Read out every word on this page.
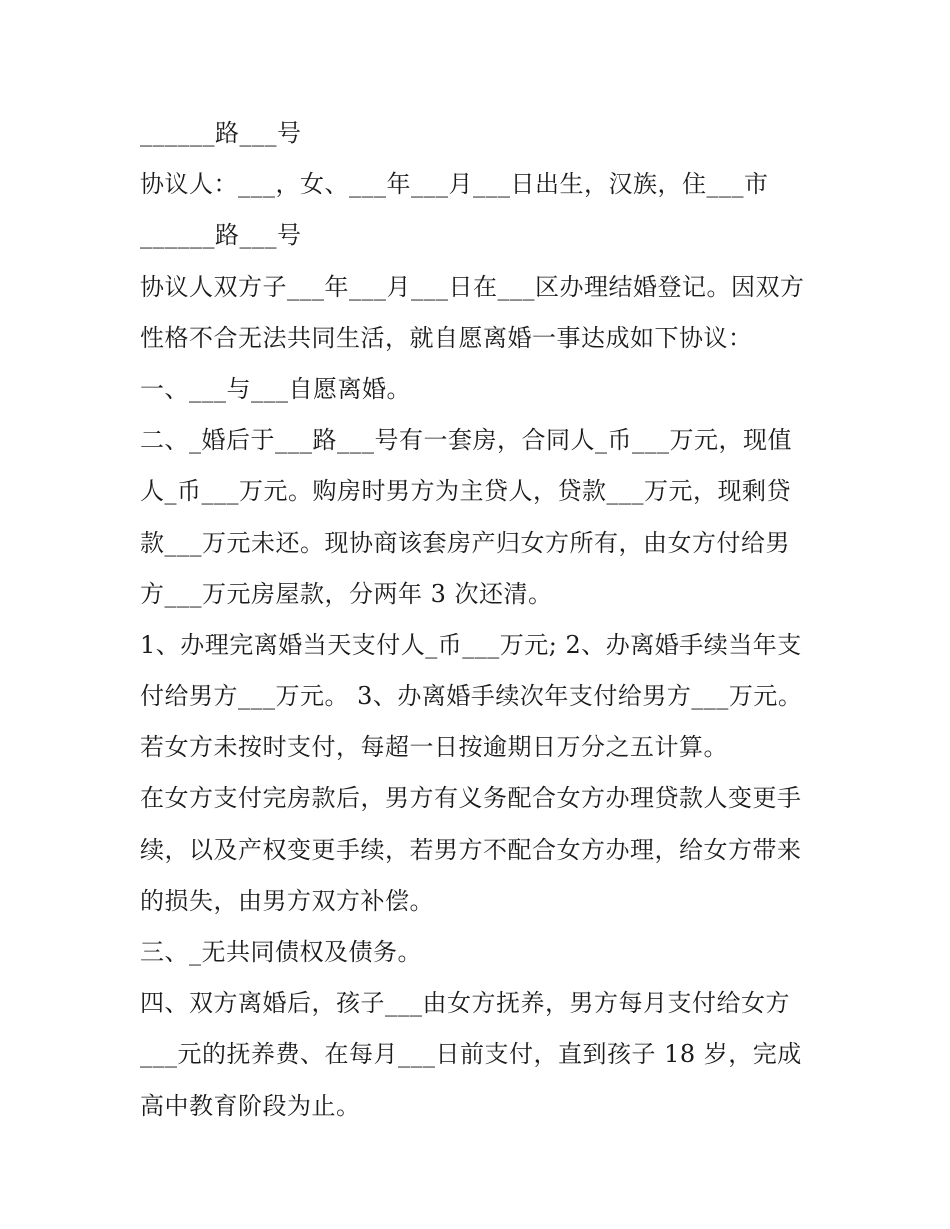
______路___号
协议人：___，女、___年___月___日出生，汉族，住___市
______路___号
协议人双方子___年___月___日在___区办理结婚登记。因双方
性格不合无法共同生活，就自愿离婚一事达成如下协议：
一、___与___自愿离婚。
二、_婚后于___路___号有一套房，合同人_币___万元，现值
人_币___万元。购房时男方为主贷人，贷款___万元，现剩贷
款___万元未还。现协商该套房产归女方所有，由女方付给男
方___万元房屋款，分两年 3 次还清。
1、办理完离婚当天支付人_币___万元; 2、办离婚手续当年支
付给男方___万元。 3、办离婚手续次年支付给男方___万元。
若女方未按时支付，每超一日按逾期日万分之五计算。
在女方支付完房款后，男方有义务配合女方办理贷款人变更手
续，以及产权变更手续，若男方不配合女方办理，给女方带来
的损失，由男方双方补偿。
三、_无共同债权及债务。
四、双方离婚后，孩子___由女方抚养，男方每月支付给女方
___元的抚养费、在每月___日前支付，直到孩子 18 岁，完成
高中教育阶段为止。
